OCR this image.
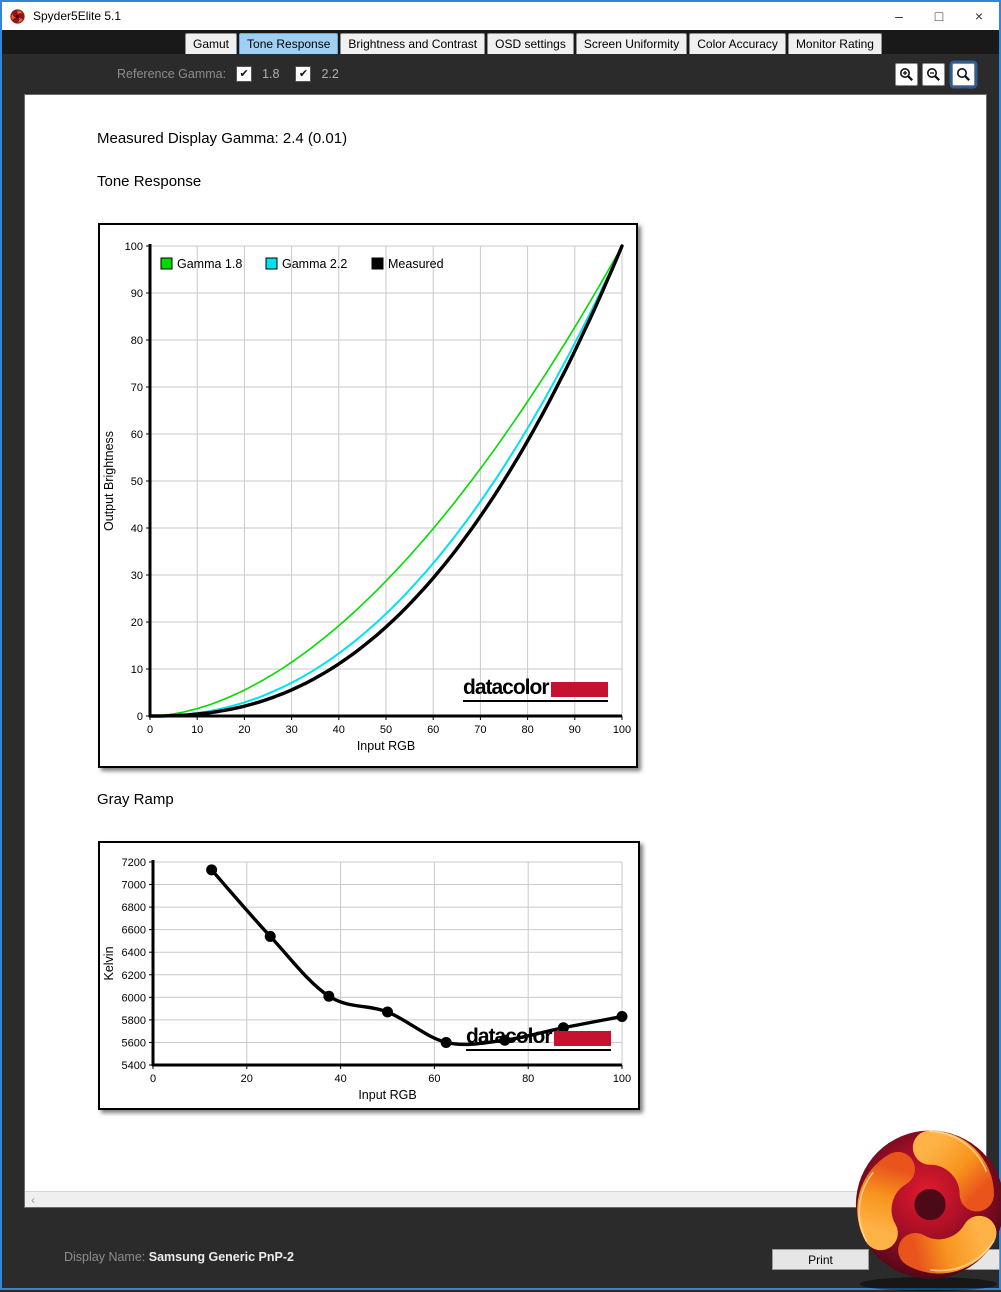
Spyder5Elite 5.1	–	□	×
Gamut	Tone Response	Brightness and Contrast	OSD settings	Screen Uniformity	Color Accuracy	Monitor Rating
Reference Gamma:	✔ 1.8	✔ 2.2
Measured Display Gamma: 2.4 (0.01)
Tone Response
0	10	20	30	40	50	60	70	80	90	100
0
10
20
30
40
50
60
70
80
90
100
Input RGB
Output Brightness
Gamma 1.8	Gamma 2.2	Measured
datacolor
Gray Ramp
0	20	40	60	80	100
5400
5600
5800
6000
6200
6400
6600
6800
7000
7200
Input RGB
Kelvin
datacolor
‹
Display Name: Samsung Generic PnP-2	Print
